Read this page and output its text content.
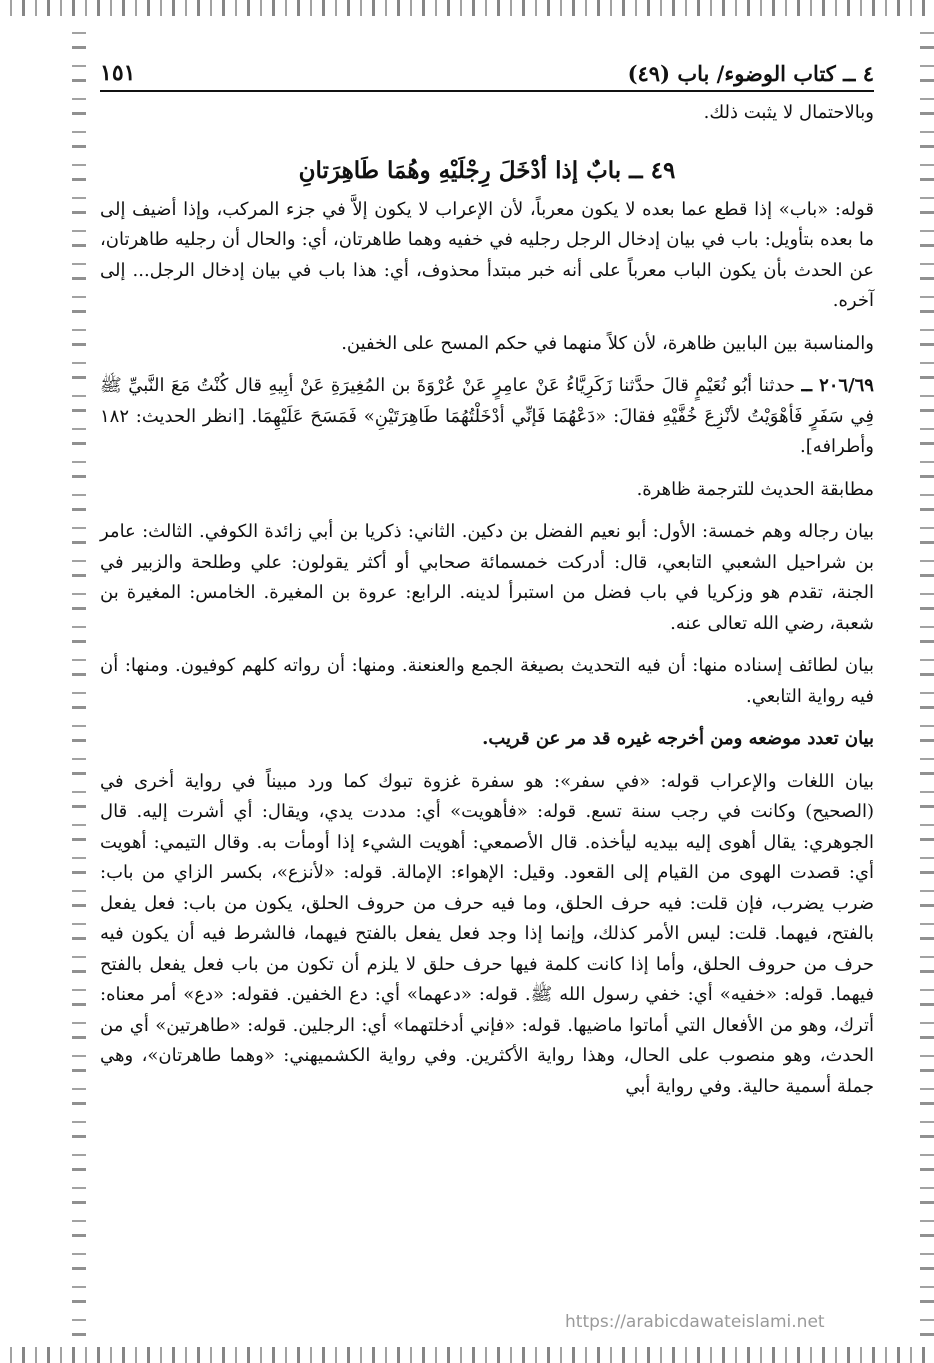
٤ ــ كتاب الوضوء/ باب (٤٩)
١٥١

وبالاحتمال لا يثبت ذلك.

٤٩ ــ بابٌ إذا أدْخَلَ رِجْلَيْهِ وهُمَا طَاهِرَتانِ

قوله: «باب» إذا قطع عما بعده لا يكون معرباً، لأن الإعراب لا يكون إلاَّ في جزء المركب، وإذا أضيف إلى ما بعده بتأويل: باب في بيان إدخال الرجل رجليه في خفيه وهما طاهرتان، أي: والحال أن رجليه طاهرتان، عن الحدث بأن يكون الباب معرباً على أنه خبر مبتدأ محذوف، أي: هذا باب في بيان إدخال الرجل... إلى آخره.

والمناسبة بين البابين ظاهرة، لأن كلاً منهما في حكم المسح على الخفين.

٢٠٦/٦٩ ــ حدثنا أبُو نُعَيْمٍ قالَ حدَّثنا زَكَرِيَّاءُ عَنْ عامِرٍ عَنْ عُرْوَةَ بن المُغِيرَةِ عَنْ أبِيهِ قال كُنْتُ مَعَ النَّبيِّ ﷺ فِي سَفَرٍ فَأهْوَيْتُ لأنْزِعَ خُفَّيْهِ فقالَ: «دَعْهُمَا فَإنِّي أدْخَلْتُهُمَا طَاهِرَتَيْنِ» فَمَسَحَ عَلَيْهِمَا. [انظر الحديث: ١٨٢ وأطرافه].

مطابقة الحديث للترجمة ظاهرة.

بيان رجاله وهم خمسة: الأول: أبو نعيم الفضل بن دكين. الثاني: ذكريا بن أبي زائدة الكوفي. الثالث: عامر بن شراحيل الشعبي التابعي، قال: أدركت خمسمائة صحابي أو أكثر يقولون: علي وطلحة والزبير في الجنة، تقدم هو وزكريا في باب فضل من استبرأ لدينه. الرابع: عروة بن المغيرة. الخامس: المغيرة بن شعبة، رضي الله تعالى عنه.

بيان لطائف إسناده منها: أن فيه التحديث بصيغة الجمع والعنعنة. ومنها: أن رواته كلهم كوفيون. ومنها: أن فيه رواية التابعي.

بيان تعدد موضعه ومن أخرجه غيره قد مر عن قريب.

بيان اللغات والإعراب قوله: «في سفر»: هو سفرة غزوة تبوك كما ورد مبيناً في رواية أخرى في (الصحيح) وكانت في رجب سنة تسع. قوله: «فأهويت» أي: مددت يدي، ويقال: أي أشرت إليه. قال الجوهري: يقال أهوى إليه بيديه ليأخذه. قال الأصمعي: أهويت الشيء إذا أومأت به. وقال التيمي: أهويت أي: قصدت الهوى من القيام إلى القعود. وقيل: الإهواء: الإمالة. قوله: «لأنزع»، بكسر الزاي من باب: ضرب يضرب، فإن قلت: فيه حرف الحلق، وما فيه حرف من حروف الحلق، يكون من باب: فعل يفعل بالفتح، فيهما. قلت: ليس الأمر كذلك، وإنما إذا وجد فعل يفعل بالفتح فيهما، فالشرط فيه أن يكون فيه حرف من حروف الحلق، وأما إذا كانت كلمة فيها حرف حلق لا يلزم أن تكون من باب فعل يفعل بالفتح فيهما. قوله: «خفيه» أي: خفي رسول الله ﷺ. قوله: «دعهما» أي: دع الخفين. فقوله: «دع» أمر معناه: أترك، وهو من الأفعال التي أماتوا ماضيها. قوله: «فإني أدخلتهما» أي: الرجلين. قوله: «طاهرتين» أي من الحدث، وهو منصوب على الحال، وهذا رواية الأكثرين. وفي رواية الكشميهني: «وهما طاهرتان»، وهي جملة أسمية حالية. وفي رواية أبي

https://arabicdawateislami.net
